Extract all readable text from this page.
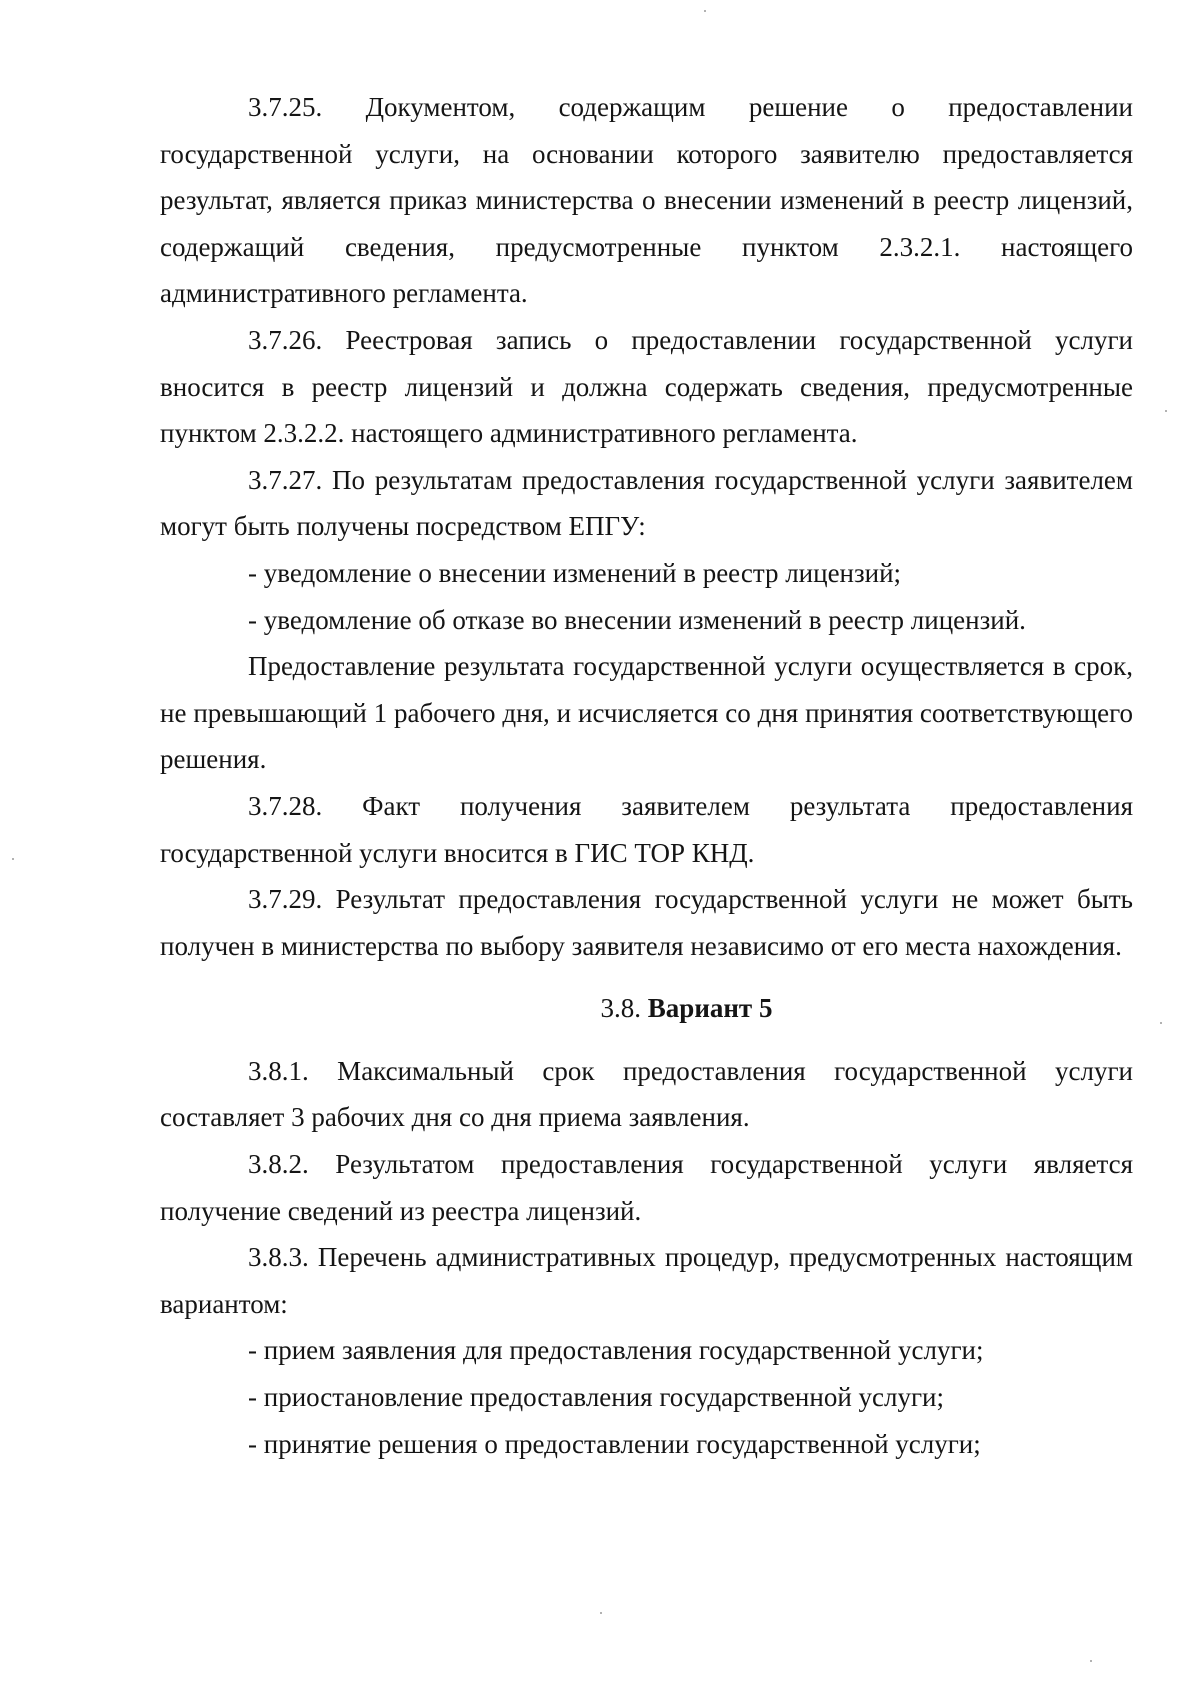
3.7.25. Документом, содержащим решение о предоставлении государственной услуги, на основании которого заявителю предоставляется результат, является приказ министерства о внесении изменений в реестр лицензий, содержащий сведения, предусмотренные пунктом 2.3.2.1. настоящего административного регламента.

3.7.26. Реестровая запись о предоставлении государственной услуги вносится в реестр лицензий и должна содержать сведения, предусмотренные пунктом 2.3.2.2. настоящего административного регламента.

3.7.27. По результатам предоставления государственной услуги заявителем могут быть получены посредством ЕПГУ:

- уведомление о внесении изменений в реестр лицензий;

- уведомление об отказе во внесении изменений в реестр лицензий.

Предоставление результата государственной услуги осуществляется в срок, не превышающий 1 рабочего дня, и исчисляется со дня принятия соответствующего решения.

3.7.28. Факт получения заявителем результата предоставления государственной услуги вносится в ГИС ТОР КНД.

3.7.29. Результат предоставления государственной услуги не может быть получен в министерства по выбору заявителя независимо от его места нахождения.

3.8. Вариант 5

3.8.1. Максимальный срок предоставления государственной услуги составляет 3 рабочих дня со дня приема заявления.

3.8.2. Результатом предоставления государственной услуги является получение сведений из реестра лицензий.

3.8.3. Перечень административных процедур, предусмотренных настоящим вариантом:

- прием заявления для предоставления государственной услуги;

- приостановление предоставления государственной услуги;

- принятие решения о предоставлении государственной услуги;
